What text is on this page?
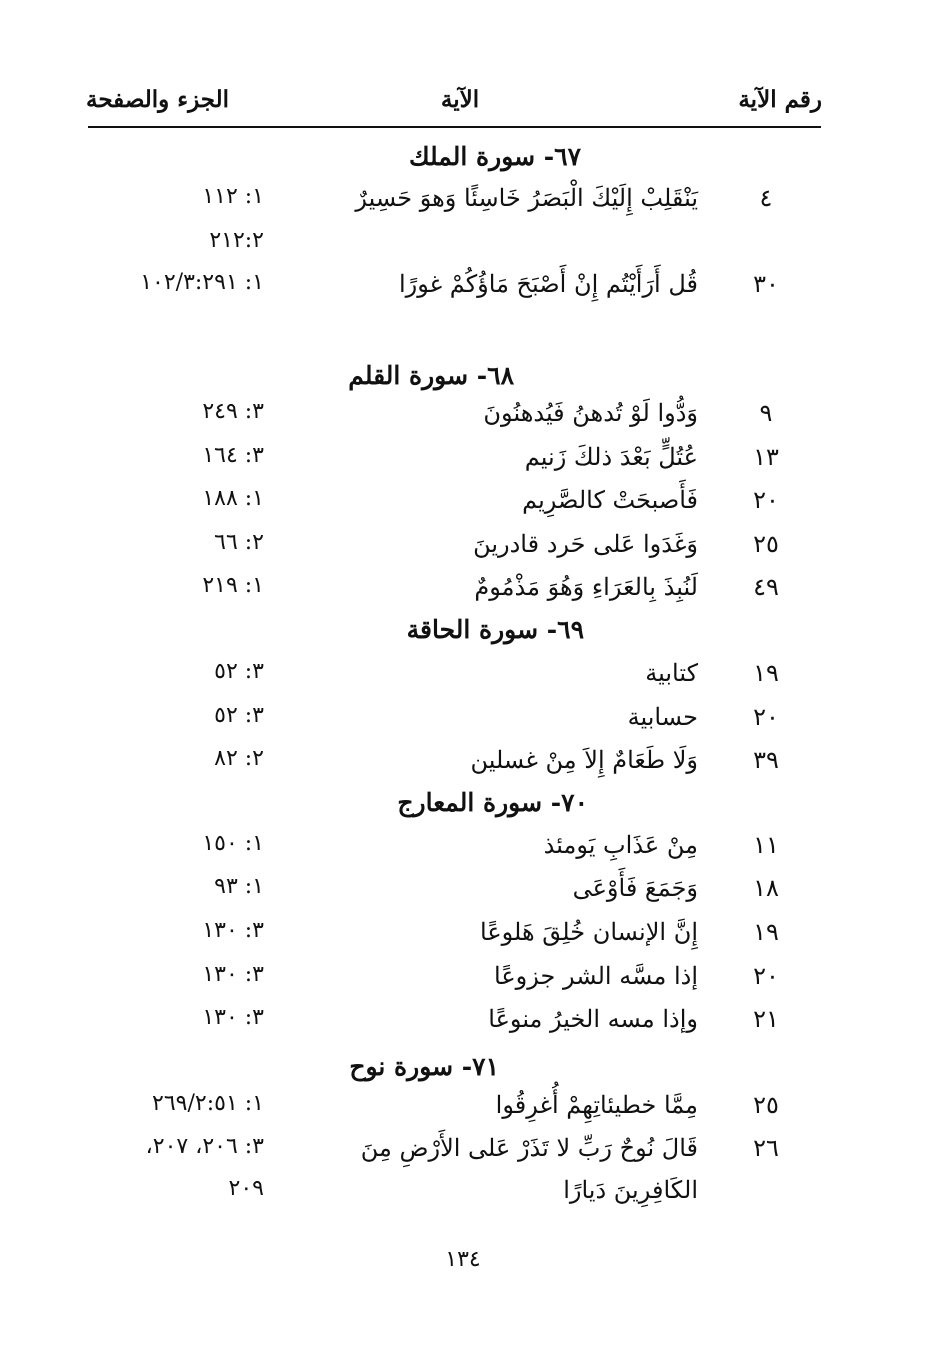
رقم الآية
الآية
الجزء والصفحة
٦٧- سورة الملك
٤
يَنْقَلِبْ إِلَيْكَ الْبَصَرُ خَاسِئًا وَهوَ حَسِيرٌ
١: ١١٢
٢١٢:٢
٣٠
قُل أَرَأَيْتُم إِنْ أَصْبَحَ مَاؤُكُمْ غورًا
١: ١٠٢/٣:٢٩١
٦٨- سورة القلم
٩
وَدُّوا لَوْ تُدهنُ فَيُدهنُونَ
٣: ٢٤٩
١٣
عُتُلٍّ بَعْدَ ذلكَ زَنيم
٣: ١٦٤
٢٠
فَأَصبحَتْ كالصَّرِيم
١: ١٨٨
٢٥
وَغَدَوا عَلى حَرد قادرينَ
٢: ٦٦
٤٩
لَنُبِذَ بِالعَرَاءِ وَهُوَ مَذْمُومٌ
١: ٢١٩
٦٩- سورة الحاقة
١٩
كتابية
٣: ٥٢
٢٠
حسابية
٣: ٥٢
٣٩
وَلَا طَعَامٌ إِلاَ مِنْ غسلين
٢: ٨٢
٧٠- سورة المعارج
١١
مِنْ عَذَابِ يَومئذ
١: ١٥٠
١٨
وَجَمَعَ فَأَوْعَى
١: ٩٣
١٩
إِنَّ الإنسان خُلِقَ هَلوعًا
٣: ١٣٠
٢٠
إذا مسَّه الشر جزوعًا
٣: ١٣٠
٢١
وإذا مسه الخيرُ منوعًا
٣: ١٣٠
٧١- سورة نوح
٢٥
مِمَّا خطيئاتِهِمْ أُغرِقُوا
١: ٢٦٩/٢:٥١
٢٦
قَالَ نُوحٌ رَبِّ لا تَذَرْ عَلى الأَرْضِ مِنَ
٣: ٢٠٦، ٢٠٧،
الكَافِرِينَ دَيارًا
٢٠٩
١٣٤
